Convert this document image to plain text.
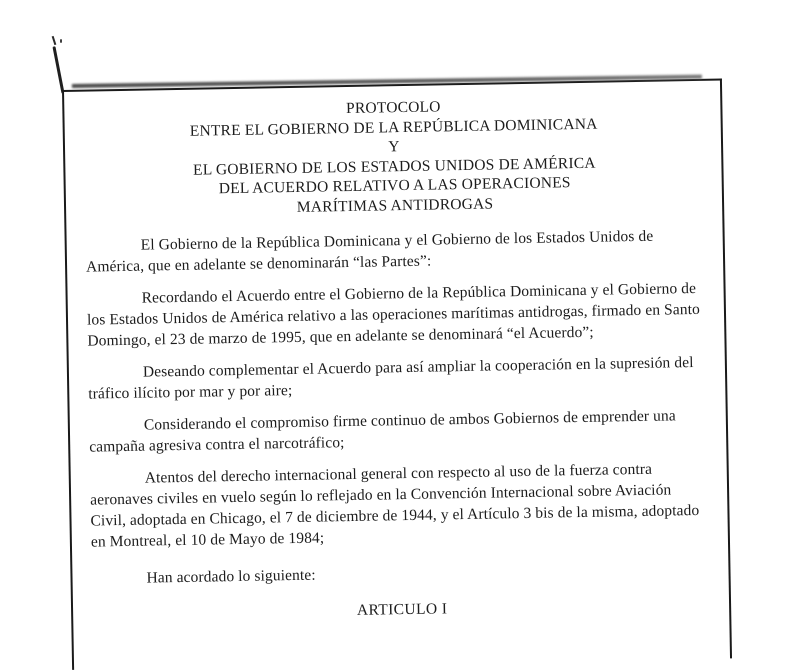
PROTOCOLO
ENTRE EL GOBIERNO DE LA REPÚBLICA DOMINICANA
Y
EL GOBIERNO DE LOS ESTADOS UNIDOS DE AMÉRICA
DEL ACUERDO RELATIVO A LAS OPERACIONES
MARÍTIMAS ANTIDROGAS

El Gobierno de la República Dominicana y el Gobierno de los Estados Unidos de América, que en adelante se denominarán “las Partes”:

Recordando el Acuerdo entre el Gobierno de la República Dominicana y el Gobierno de los Estados Unidos de América relativo a las operaciones marítimas antidrogas, firmado en Santo Domingo, el 23 de marzo de 1995, que en adelante se denominará “el Acuerdo”;

Deseando complementar el Acuerdo para así ampliar la cooperación en la supresión del tráfico ilícito por mar y por aire;

Considerando el compromiso firme continuo de ambos Gobiernos de emprender una campaña agresiva contra el narcotráfico;

Atentos del derecho internacional general con respecto al uso de la fuerza contra aeronaves civiles en vuelo según lo reflejado en la Convención Internacional sobre Aviación Civil, adoptada en Chicago, el 7 de diciembre de 1944, y el Artículo 3 bis de la misma, adoptado en Montreal, el 10 de Mayo de 1984;

Han acordado lo siguiente:

ARTICULO I
